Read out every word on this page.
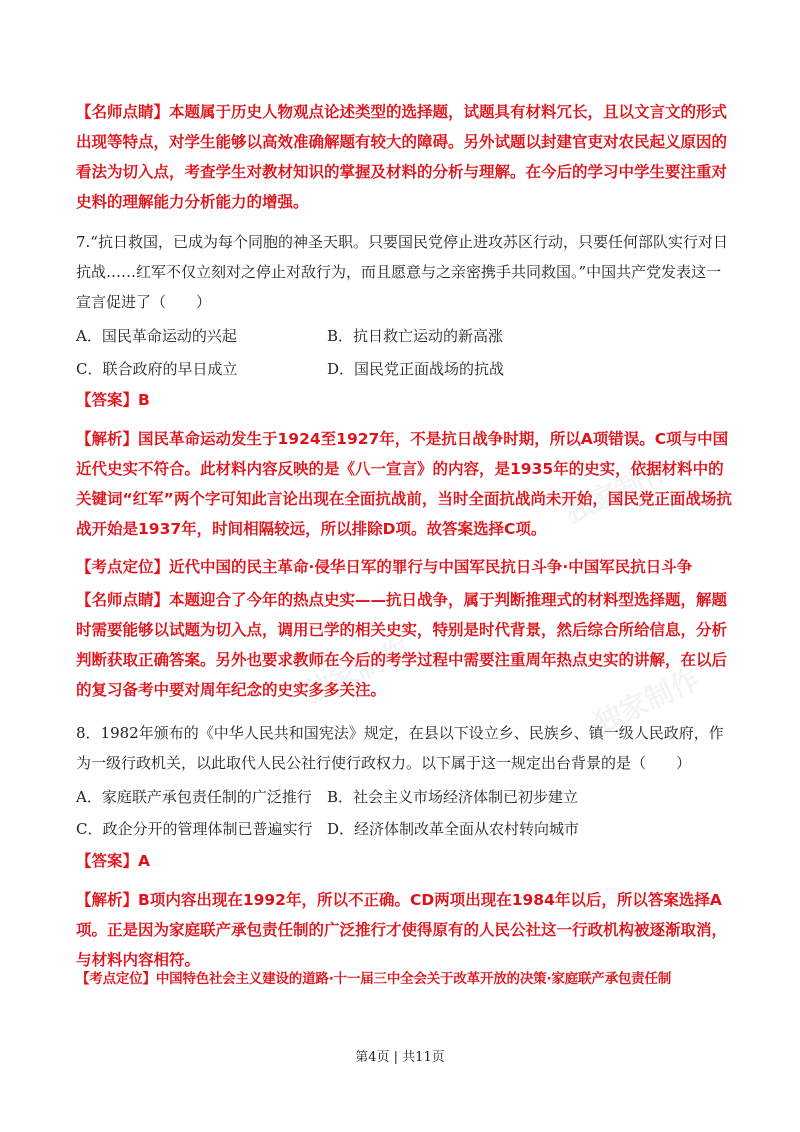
独家制作
独家制作	独家制作

【名师点睛】本题属于历史人物观点论述类型的选择题，试题具有材料冗长，且以文言文的形式出现等特点，对学生能够以高效准确解题有较大的障碍。另外试题以封建官吏对农民起义原因的看法为切入点，考查学生对教材知识的掌握及材料的分析与理解。在今后的学习中学生要注重对史料的理解能力分析能力的增强。

7.“抗日救国，已成为每个同胞的神圣天职。只要国民党停止进攻苏区行动，只要任何部队实行对日抗战……红军不仅立刻对之停止对敌行为，而且愿意与之亲密携手共同救国。”中国共产党发表这一宣言促进了（　　）

A．国民革命运动的兴起	B．抗日救亡运动的新高涨
C．联合政府的早日成立	D．国民党正面战场的抗战

【答案】B

【解析】国民革命运动发生于1924至1927年，不是抗日战争时期，所以A项错误。C项与中国近代史实不符合。此材料内容反映的是《八一宣言》的内容，是1935年的史实，依据材料中的关键词“红军”两个字可知此言论出现在全面抗战前，当时全面抗战尚未开始，国民党正面战场抗战开始是1937年，时间相隔较远，所以排除D项。故答案选择C项。

【考点定位】近代中国的民主革命·侵华日军的罪行与中国军民抗日斗争·中国军民抗日斗争

【名师点睛】本题迎合了今年的热点史实——抗日战争，属于判断推理式的材料型选择题，解题时需要能够以试题为切入点，调用已学的相关史实，特别是时代背景，然后综合所给信息，分析判断获取正确答案。另外也要求教师在今后的考学过程中需要注重周年热点史实的讲解，在以后的复习备考中要对周年纪念的史实多多关注。

8．1982年颁布的《中华人民共和国宪法》规定，在县以下设立乡、民族乡、镇一级人民政府，作为一级行政机关，以此取代人民公社行使行政权力。以下属于这一规定出台背景的是（　　）

A．家庭联产承包责任制的广泛推行 B．社会主义市场经济体制已初步建立
C．政企分开的管理体制已普遍实行 D．经济体制改革全面从农村转向城市

【答案】A

【解析】B项内容出现在1992年，所以不正确。CD两项出现在1984年以后，所以答案选择A项。正是因为家庭联产承包责任制的广泛推行才使得原有的人民公社这一行政机构被逐渐取消，与材料内容相符。

【考点定位】中国特色社会主义建设的道路·十一届三中全会关于改革开放的决策·家庭联产承包责任制

第4页 | 共11页
